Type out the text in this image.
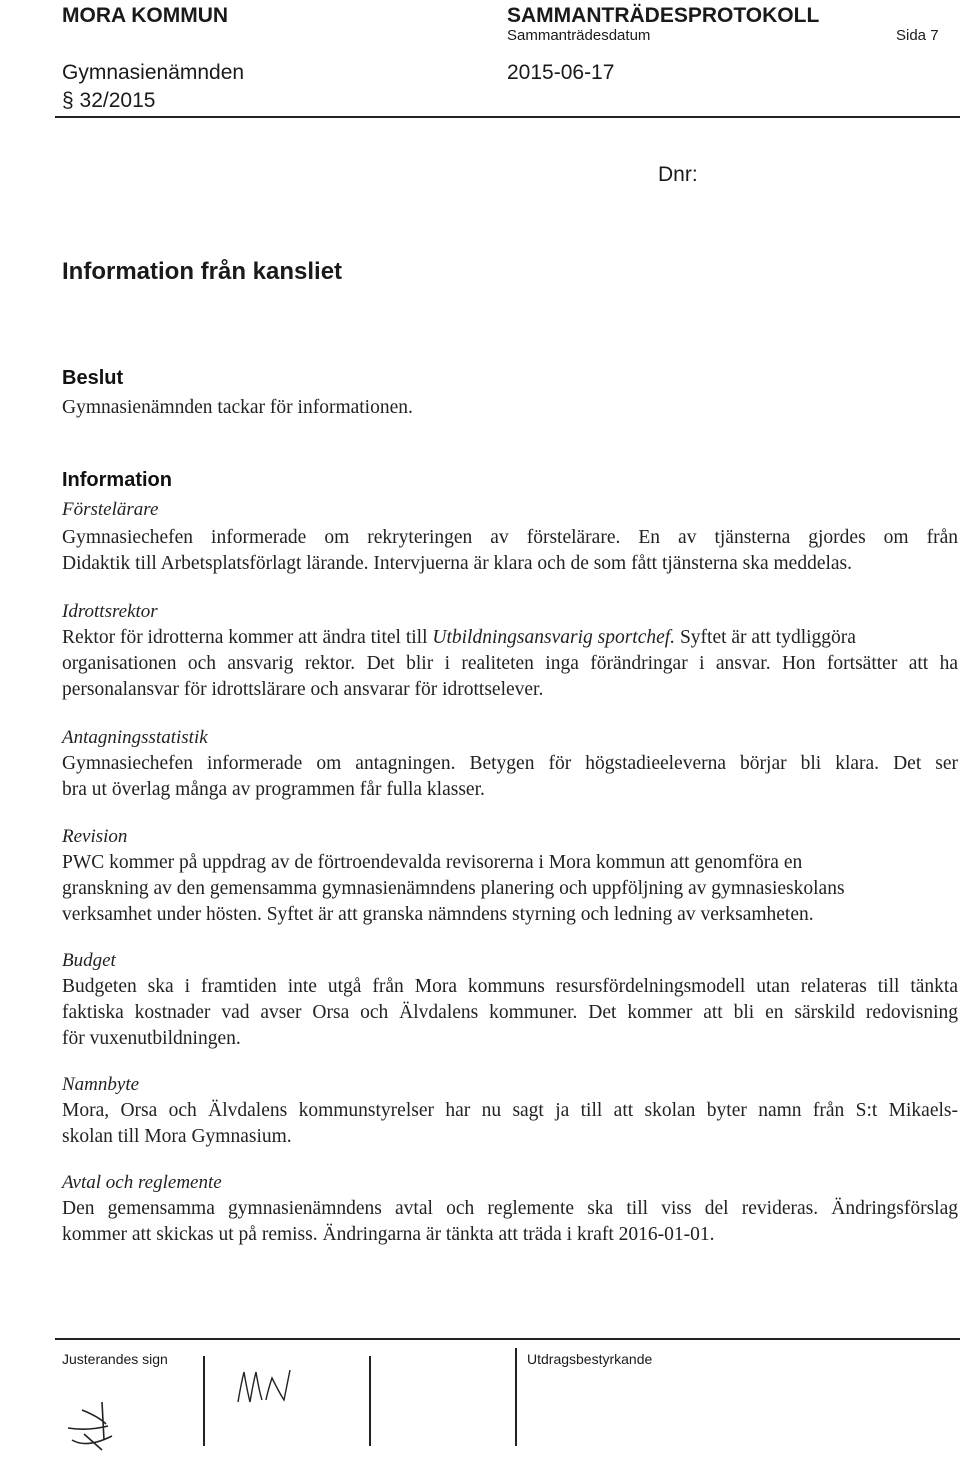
MORA KOMMUN	SAMMANTRÄDESPROTOKOLL
Sammanträdesdatum	Sida 7
Gymnasienämnden	2015-06-17
§ 32/2015
Dnr:
Information från kansliet
Beslut
Gymnasienämnden tackar för informationen.
Information
Förstelärare
Gymnasiechefen informerade om rekryteringen av förstelärare. En av tjänsterna gjordes om från
Didaktik till Arbetsplatsförlagt lärande. Intervjuerna är klara och de som fått tjänsterna ska meddelas.
Idrottsrektor
Rektor för idrotterna kommer att ändra titel till Utbildningsansvarig sportchef. Syftet är att tydliggöra
organisationen och ansvarig rektor. Det blir i realiteten inga förändringar i ansvar. Hon fortsätter att ha
personalansvar för idrottslärare och ansvarar för idrottselever.
Antagningsstatistik
Gymnasiechefen informerade om antagningen. Betygen för högstadieeleverna börjar bli klara. Det ser
bra ut överlag många av programmen får fulla klasser.
Revision
PWC kommer på uppdrag av de förtroendevalda revisorerna i Mora kommun att genomföra en
granskning av den gemensamma gymnasienämndens planering och uppföljning av gymnasieskolans
verksamhet under hösten. Syftet är att granska nämndens styrning och ledning av verksamheten.
Budget
Budgeten ska i framtiden inte utgå från Mora kommuns resursfördelningsmodell utan relateras till tänkta
faktiska kostnader vad avser Orsa och Älvdalens kommuner. Det kommer att bli en särskild redovisning
för vuxenutbildningen.
Namnbyte
Mora, Orsa och Älvdalens kommunstyrelser har nu sagt ja till att skolan byter namn från S:t Mikaels-
skolan till Mora Gymnasium.
Avtal och reglemente
Den gemensamma gymnasienämndens avtal och reglemente ska till viss del revideras. Ändringsförslag
kommer att skickas ut på remiss. Ändringarna är tänkta att träda i kraft 2016-01-01.
Justerandes sign	Utdragsbestyrkande
